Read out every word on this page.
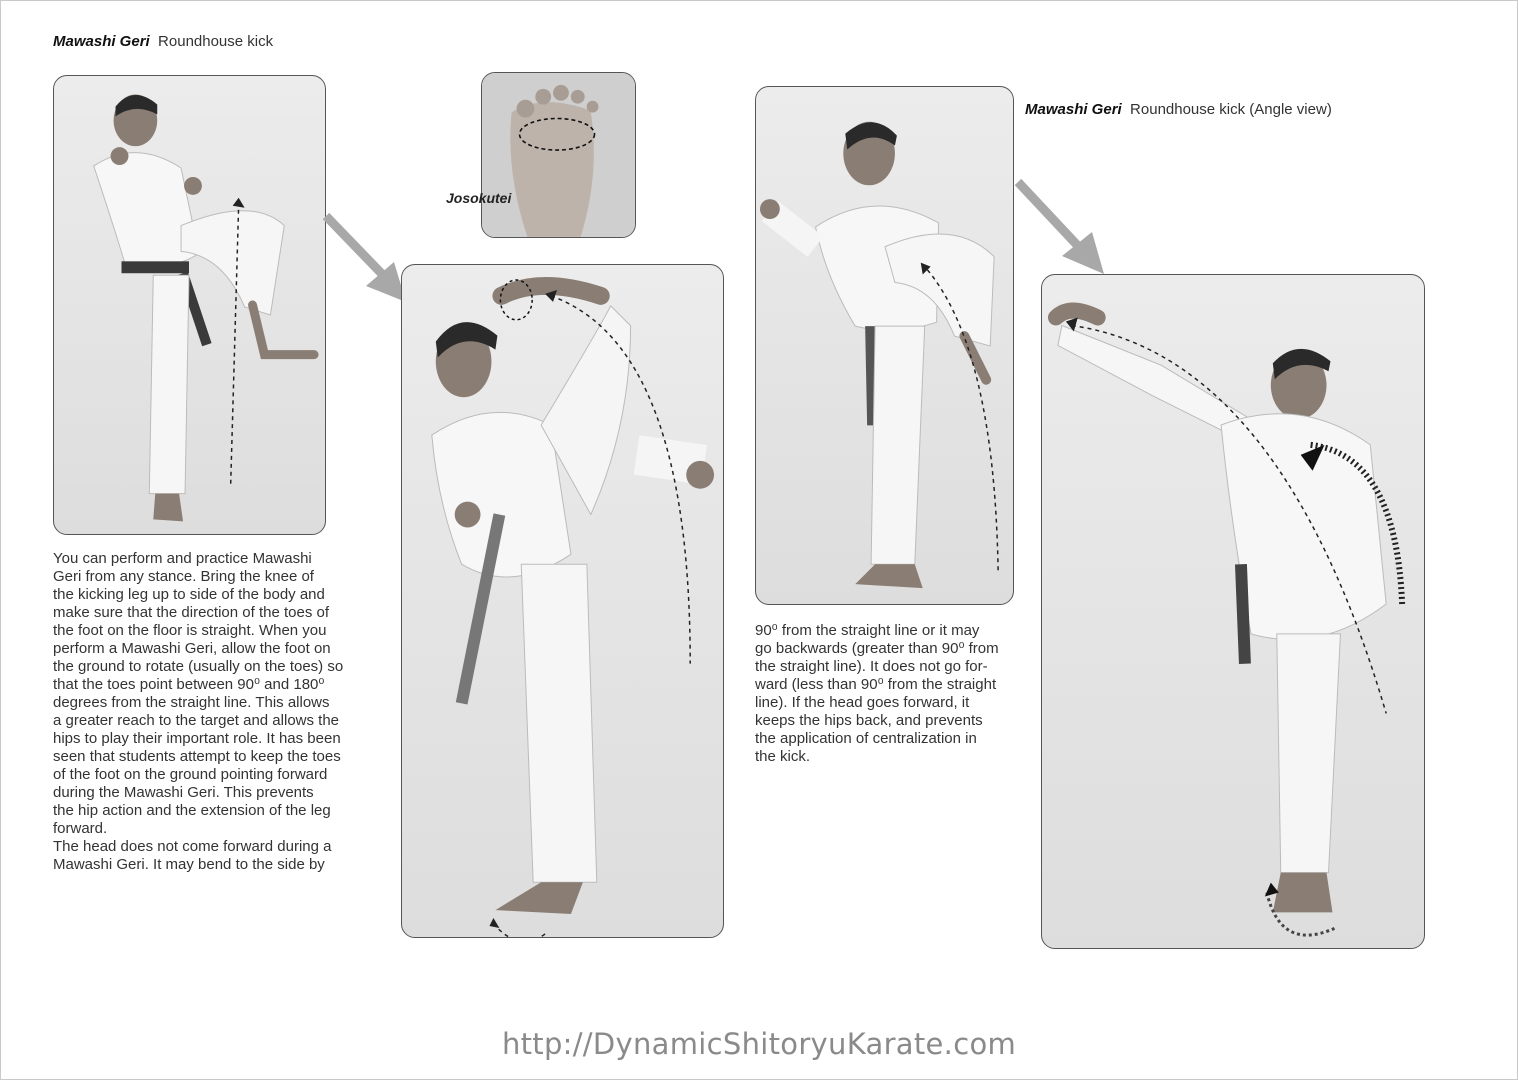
Mawashi Geri Roundhouse kick
Josokutei
You can perform and practice Mawashi
Geri from any stance. Bring the knee of
the kicking leg up to side of the body and
make sure that the direction of the toes of
the foot on the floor is straight. When you
perform a Mawashi Geri, allow the foot on
the ground to rotate (usually on the toes) so
that the toes point between 90⁰ and 180⁰
degrees from the straight line. This allows
a greater reach to the target and allows the
hips to play their important role. It has been
seen that students attempt to keep the toes
of the foot on the ground pointing forward
during the Mawashi Geri. This prevents
the hip action and the extension of the leg
forward.
The head does not come forward during a
Mawashi Geri. It may bend to the side by
Mawashi Geri Roundhouse kick (Angle view)
90⁰ from the straight line or it may
go backwards (greater than 90⁰ from
the straight line). It does not go for-
ward (less than 90⁰ from the straight
line). If the head goes forward, it
keeps the hips back, and prevents
the application of centralization in
the kick.
http://DynamicShitoryuKarate.com
